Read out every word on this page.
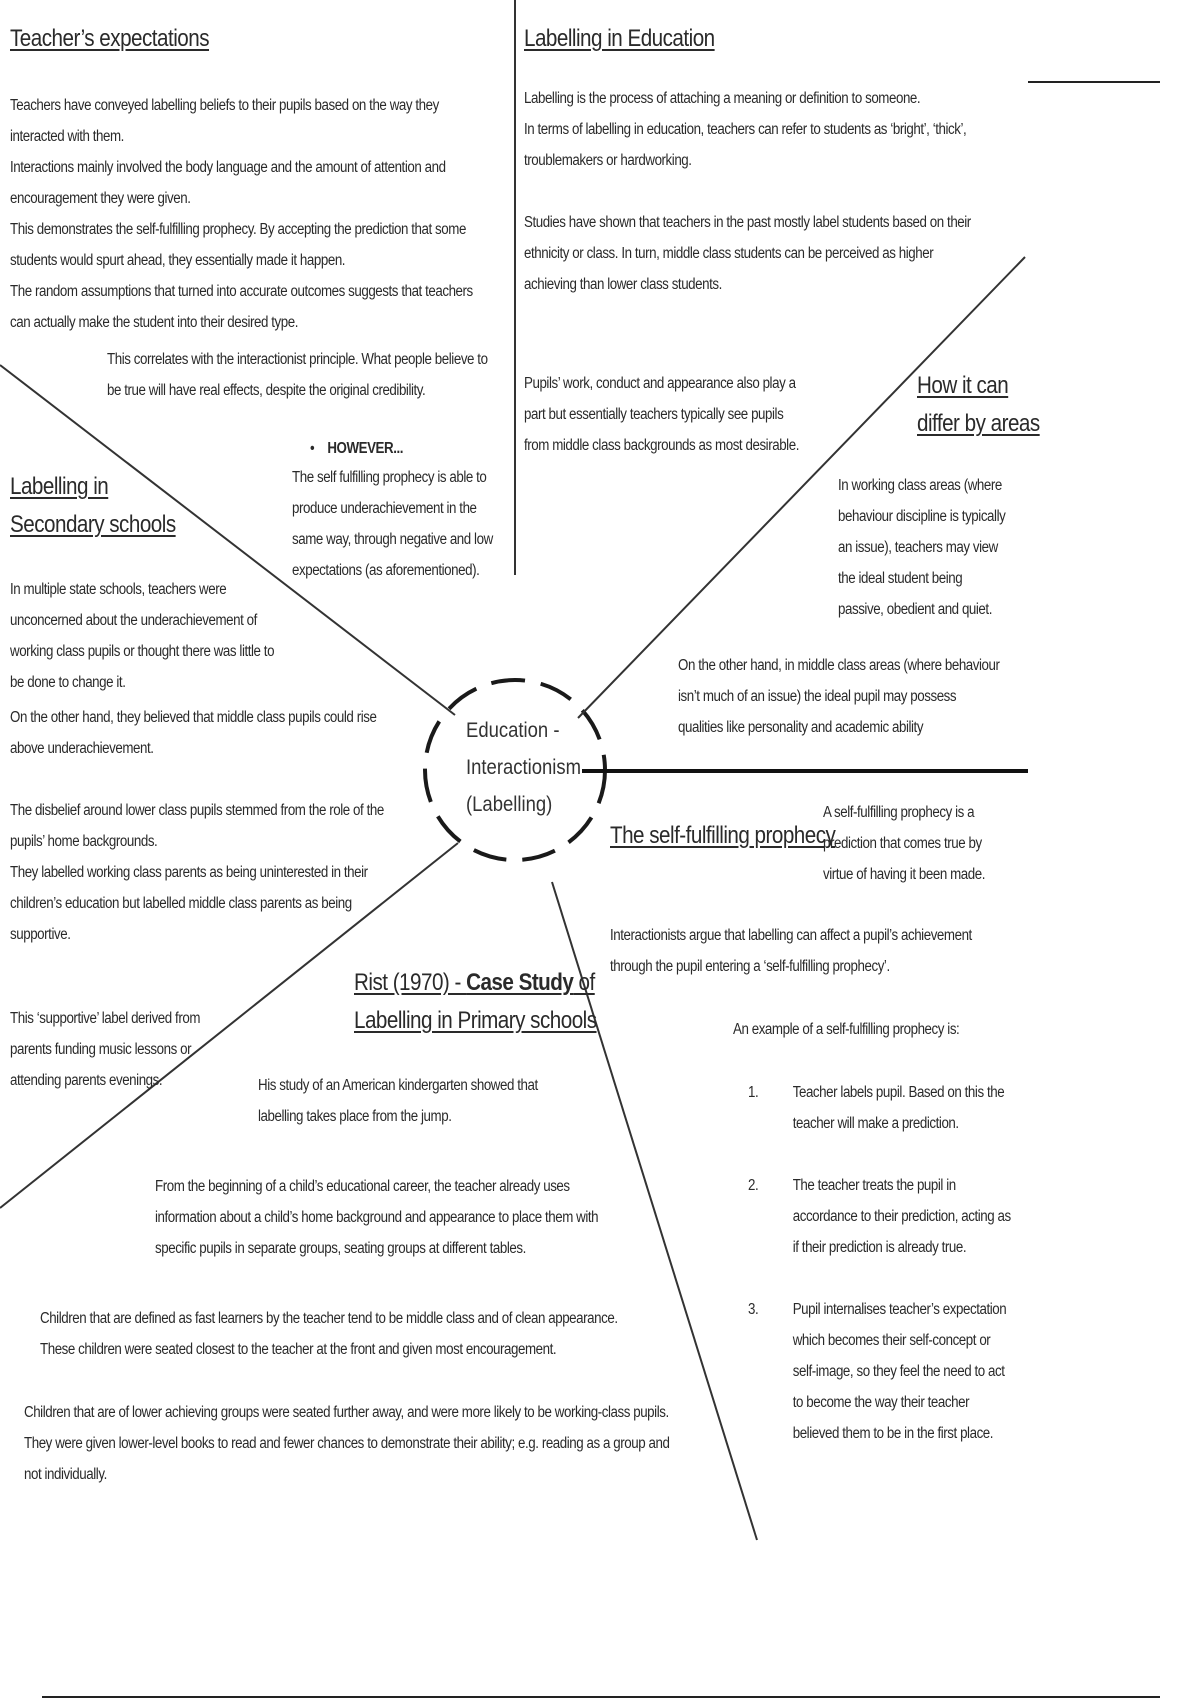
Education -
Interactionism
(Labelling)
Teacher’s expectations

Teachers have conveyed labelling beliefs to their pupils based on the way they

interacted with them.

Interactions mainly involved the body language and the amount of attention and

encouragement they were given.

This demonstrates the self-fulfilling prophecy. By accepting the prediction that some

students would spurt ahead, they essentially made it happen.

The random assumptions that turned into accurate outcomes suggests that teachers

can actually make the student into their desired type.

This correlates with the interactionist principle. What people believe to

be true will have real effects, despite the original credibility.

• HOWEVER...

The self fulfilling prophecy is able to

produce underachievement in the

same way, through negative and low

expectations (as aforementioned).

Labelling in Education

Labelling is the process of attaching a meaning or definition to someone.

In terms of labelling in education, teachers can refer to students as ‘bright’, ‘thick’,

troublemakers or hardworking.

Studies have shown that teachers in the past mostly label students based on their

ethnicity or class. In turn, middle class students can be perceived as higher

achieving than lower class students.

Pupils’ work, conduct and appearance also play a

part but essentially teachers typically see pupils

from middle class backgrounds as most desirable.

How it can
differ by areas

In working class areas (where

behaviour discipline is typically

an issue), teachers may view

the ideal student being

passive, obedient and quiet.

On the other hand, in middle class areas (where behaviour

isn’t much of an issue) the ideal pupil may possess

qualities like personality and academic ability

Labelling in
Secondary schools

In multiple state schools, teachers were

unconcerned about the underachievement of

working class pupils or thought there was little to

be done to change it.

On the other hand, they believed that middle class pupils could rise

above underachievement.

The disbelief around lower class pupils stemmed from the role of the

pupils’ home backgrounds.

They labelled working class parents as being uninterested in their

children’s education but labelled middle class parents as being

supportive.

This ‘supportive’ label derived from

parents funding music lessons or

attending parents evenings.

The self-fulfilling prophecy

A self-fulfilling prophecy is a

prediction that comes true by

virtue of having it been made.

Interactionists argue that labelling can affect a pupil’s achievement

through the pupil entering a ‘self-fulfilling prophecy’.

An example of a self-fulfilling prophecy is:
1. Teacher labels pupil. Based on this the

teacher will make a prediction.

2. The teacher treats the pupil in

accordance to their prediction, acting as

if their prediction is already true.

3. Pupil internalises teacher’s expectation

which becomes their self-concept or

self-image, so they feel the need to act

to become the way their teacher

believed them to be in the first place.

Rist (1970) - Case Study of
Labelling in Primary schools

His study of an American kindergarten showed that

labelling takes place from the jump.

From the beginning of a child’s educational career, the teacher already uses

information about a child’s home background and appearance to place them with

specific pupils in separate groups, seating groups at different tables.

Children that are defined as fast learners by the teacher tend to be middle class and of clean appearance.

These children were seated closest to the teacher at the front and given most encouragement.

Children that are of lower achieving groups were seated further away, and were more likely to be working-class pupils.

They were given lower-level books to read and fewer chances to demonstrate their ability; e.g. reading as a group and

not individually.
